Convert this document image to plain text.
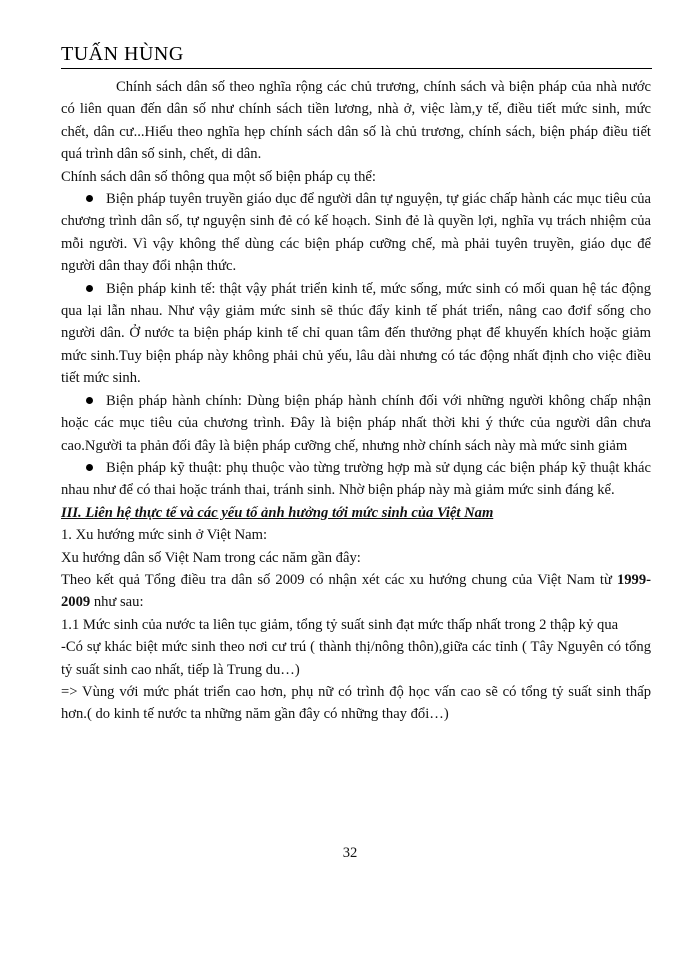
TUẤN HÙNG

Chính sách dân số theo nghĩa rộng các chủ trương, chính sách và biện pháp của nhà nước có liên quan đến dân số như chính sách tiền lương, nhà ở, việc làm,y tế, điều tiết mức sinh, mức chết, dân cư...Hiểu theo nghĩa hẹp chính sách dân số là chủ trương, chính sách, biện pháp điều tiết quá trình dân số sinh, chết, di dân.

Chính sách dân số thông qua một số biện pháp cụ thể:

Biện pháp tuyên truyền giáo dục để người dân tự nguyện, tự giác chấp hành các mục tiêu của chương trình dân số, tự nguyện sinh đẻ có kế hoạch. Sinh đẻ là quyền lợi, nghĩa vụ trách nhiệm của mỗi người. Vì vậy không thể dùng các biện pháp cưỡng chế, mà phải tuyên truyền, giáo dục để người dân thay đổi nhận thức.

Biện pháp kinh tế: thật vậy phát triển kinh tế, mức sống, mức sinh có mối quan hệ tác động qua lại lẫn nhau. Như vậy giảm mức sinh sẽ thúc đẩy kinh tế phát triển, nâng cao đơif sống cho người dân. Ở nước ta biện pháp kinh tế chỉ quan tâm đến thưởng phạt để khuyến khích hoặc giảm mức sinh.Tuy biện pháp này không phải chủ yếu, lâu dài nhưng có tác động nhất định cho việc điều tiết mức sinh.

Biện pháp hành chính: Dùng biện pháp hành chính đối với những người không chấp nhận hoặc các mục tiêu của chương trình. Đây là biện pháp nhất thời khi ý thức của người dân chưa cao.Người ta phản đối đây là biện pháp cưỡng chế, nhưng nhờ chính sách này mà mức sinh giảm

Biện pháp kỹ thuật: phụ thuộc vào từng trường hợp mà sử dụng các biện pháp kỹ thuật khác nhau như để có thai hoặc tránh thai, tránh sinh. Nhờ biện pháp này mà giảm mức sinh đáng kể.

III. Liên hệ thực tế và các yếu tố ảnh hưởng tới mức sinh của Việt Nam

1. Xu hướng mức sinh ở Việt Nam:

Xu hướng dân số Việt Nam trong các năm gần đây:

Theo kết quả Tổng điều tra dân số 2009 có nhận xét các xu hướng chung của Việt Nam từ 1999-2009 như sau:

1.1 Mức sinh của nước ta liên tục giảm, tổng tỷ suất sinh đạt mức thấp nhất trong 2 thập kỷ qua

-Có sự khác biệt mức sinh theo nơi cư trú ( thành thị/nông thôn),giữa các tỉnh ( Tây Nguyên có tổng tỷ suất sinh cao nhất, tiếp là Trung du…)

=> Vùng với mức phát triển cao hơn, phụ nữ có trình độ học vấn cao sẽ có tổng tỷ suất sinh thấp hơn.( do kinh tế nước ta những năm gần đây có những thay đổi…)

32
